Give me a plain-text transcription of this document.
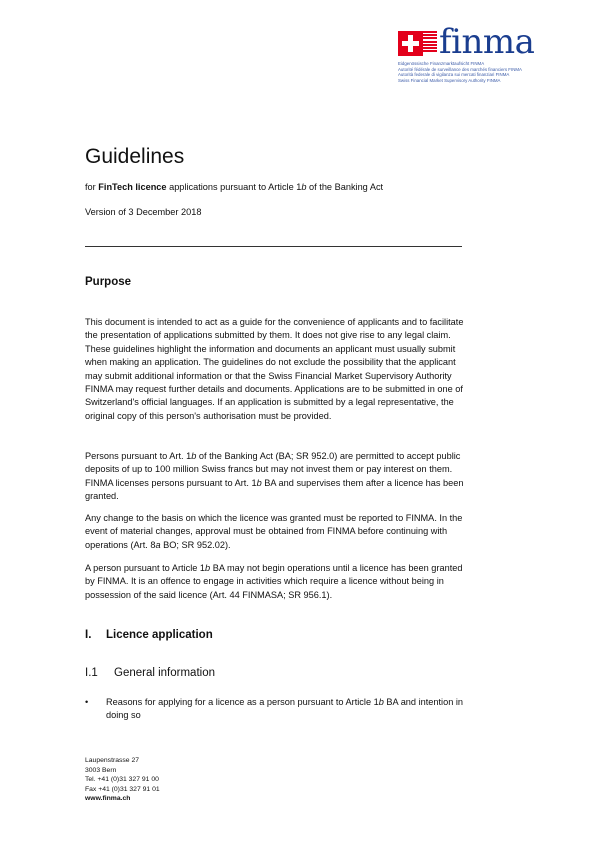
finma
Eidgenössische Finanzmarktaufsicht FINMA
Autorité fédérale de surveillance des marchés financiers FINMA
Autorità federale di vigilanza sui mercati finanziari FINMA
Swiss Financial Market Supervisory Authority FINMA
Guidelines
for FinTech licence applications pursuant to Article 1b of the Banking Act
Version of 3 December 2018
Purpose
This document is intended to act as a guide for the convenience of applicants and to facilitate the presentation of applications submitted by them. It does not give rise to any legal claim. These guidelines highlight the information and documents an applicant must usually submit when making an application. The guidelines do not exclude the possibility that the applicant may submit additional information or that the Swiss Financial Market Supervisory Authority FINMA may request further details and documents. Applications are to be submitted in one of Switzerland's official languages. If an application is submitted by a legal representative, the original copy of this person's authorisation must be provided.
Persons pursuant to Art. 1b of the Banking Act (BA; SR 952.0) are permitted to accept public deposits of up to 100 million Swiss francs but may not invest them or pay interest on them. FINMA licenses persons pursuant to Art. 1b BA and supervises them after a licence has been granted.
Any change to the basis on which the licence was granted must be reported to FINMA. In the event of material changes, approval must be obtained from FINMA before continuing with operations (Art. 8a BO; SR 952.02).
A person pursuant to Article 1b BA may not begin operations until a licence has been granted by FINMA. It is an offence to engage in activities which require a licence without being in possession of the said licence (Art. 44 FINMASA; SR 956.1).
I. Licence application
I.1 General information
• Reasons for applying for a licence as a person pursuant to Article 1b BA and intention in doing so
Laupenstrasse 27
3003 Bern
Tel. +41 (0)31 327 91 00
Fax +41 (0)31 327 91 01
www.finma.ch
